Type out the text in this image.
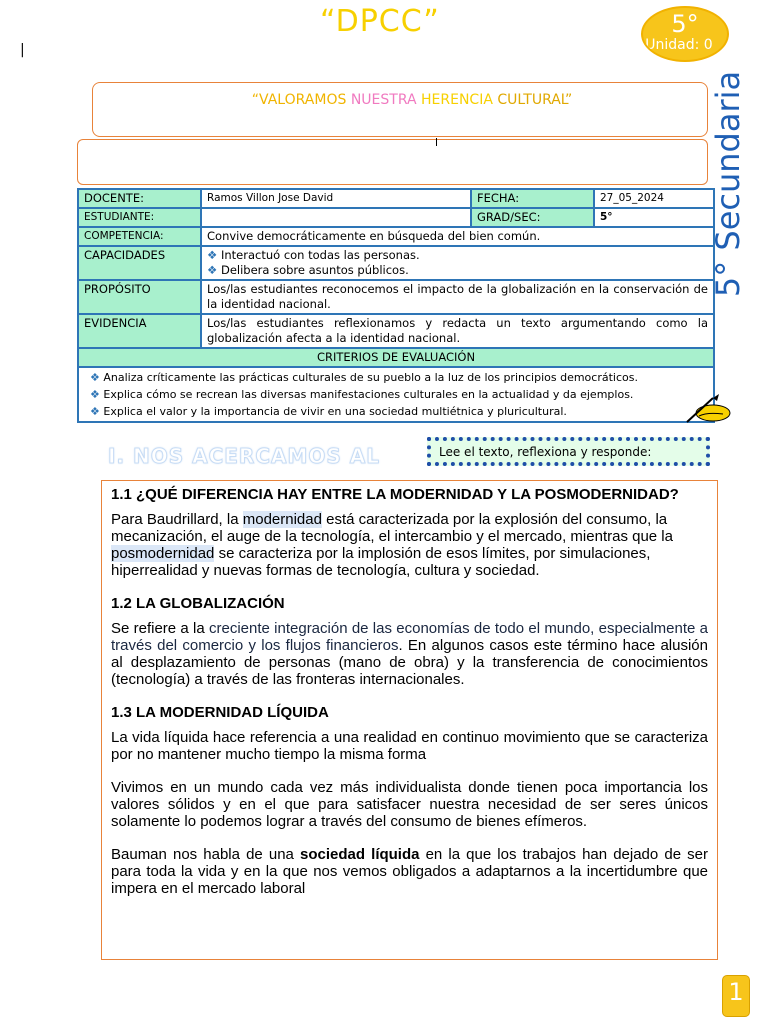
“DPCC”
|
5°
Unidad: 0
5° Secundaria
“VALORAMOS NUESTRA HERENCIA CULTURAL”
DOCENTE:	Ramos Villon Jose David	FECHA:	27_05_2024
ESTUDIANTE:		GRAD/SEC:	5°
COMPETENCIA:	Convive democráticamente en búsqueda del bien común.		
CAPACIDADES	❖ Interactuó con todas las personas.
❖ Delibera sobre asuntos públicos.		

PROPÓSITO	Los/las estudiantes reconocemos el impacto de la globalización en la conservación de la identidad nacional.		
EVIDENCIA	Los/las estudiantes reflexionamos y redacta un texto argumentando como la globalización afecta a la identidad nacional.		
CRITERIOS DE EVALUACIÓN			

❖ Analiza críticamente las prácticas culturales de su pueblo a la luz de los principios democráticos.
❖ Explica cómo se recrean las diversas manifestaciones culturales en la actualidad y da ejemplos.
❖ Explica el valor y la importancia de vivir en una sociedad multiétnica y pluricultural.			
I. NOS ACERCAMOS AL	Lee el texto, reflexiona y responde:
1.1 ¿QUÉ DIFERENCIA HAY ENTRE LA MODERNIDAD Y LA POSMODERNIDAD?

Para Baudrillard, la modernidad está caracterizada por la explosión del consumo, la mecanización, el auge de la tecnología, el intercambio y el mercado, mientras que la posmodernidad se caracteriza por la implosión de esos límites, por simulaciones, hiperrealidad y nuevas formas de tecnología, cultura y sociedad.

1.2 LA GLOBALIZACIÓN

Se refiere a la creciente integración de las economías de todo el mundo, especialmente a través del comercio y los flujos financieros. En algunos casos este término hace alusión al desplazamiento de personas (mano de obra) y la transferencia de conocimientos (tecnología) a través de las fronteras internacionales.

1.3 LA MODERNIDAD LÍQUIDA

La vida líquida hace referencia a una realidad en continuo movimiento que se caracteriza por no mantener mucho tiempo la misma forma

Vivimos en un mundo cada vez más individualista donde tienen poca importancia los valores sólidos y en el que para satisfacer nuestra necesidad de ser seres únicos solamente lo podemos lograr a través del consumo de bienes efímeros.

Bauman nos habla de una sociedad líquida en la que los trabajos han dejado de ser para toda la vida y en la que nos vemos obligados a adaptarnos a la incertidumbre que impera en el mercado laboral

1
